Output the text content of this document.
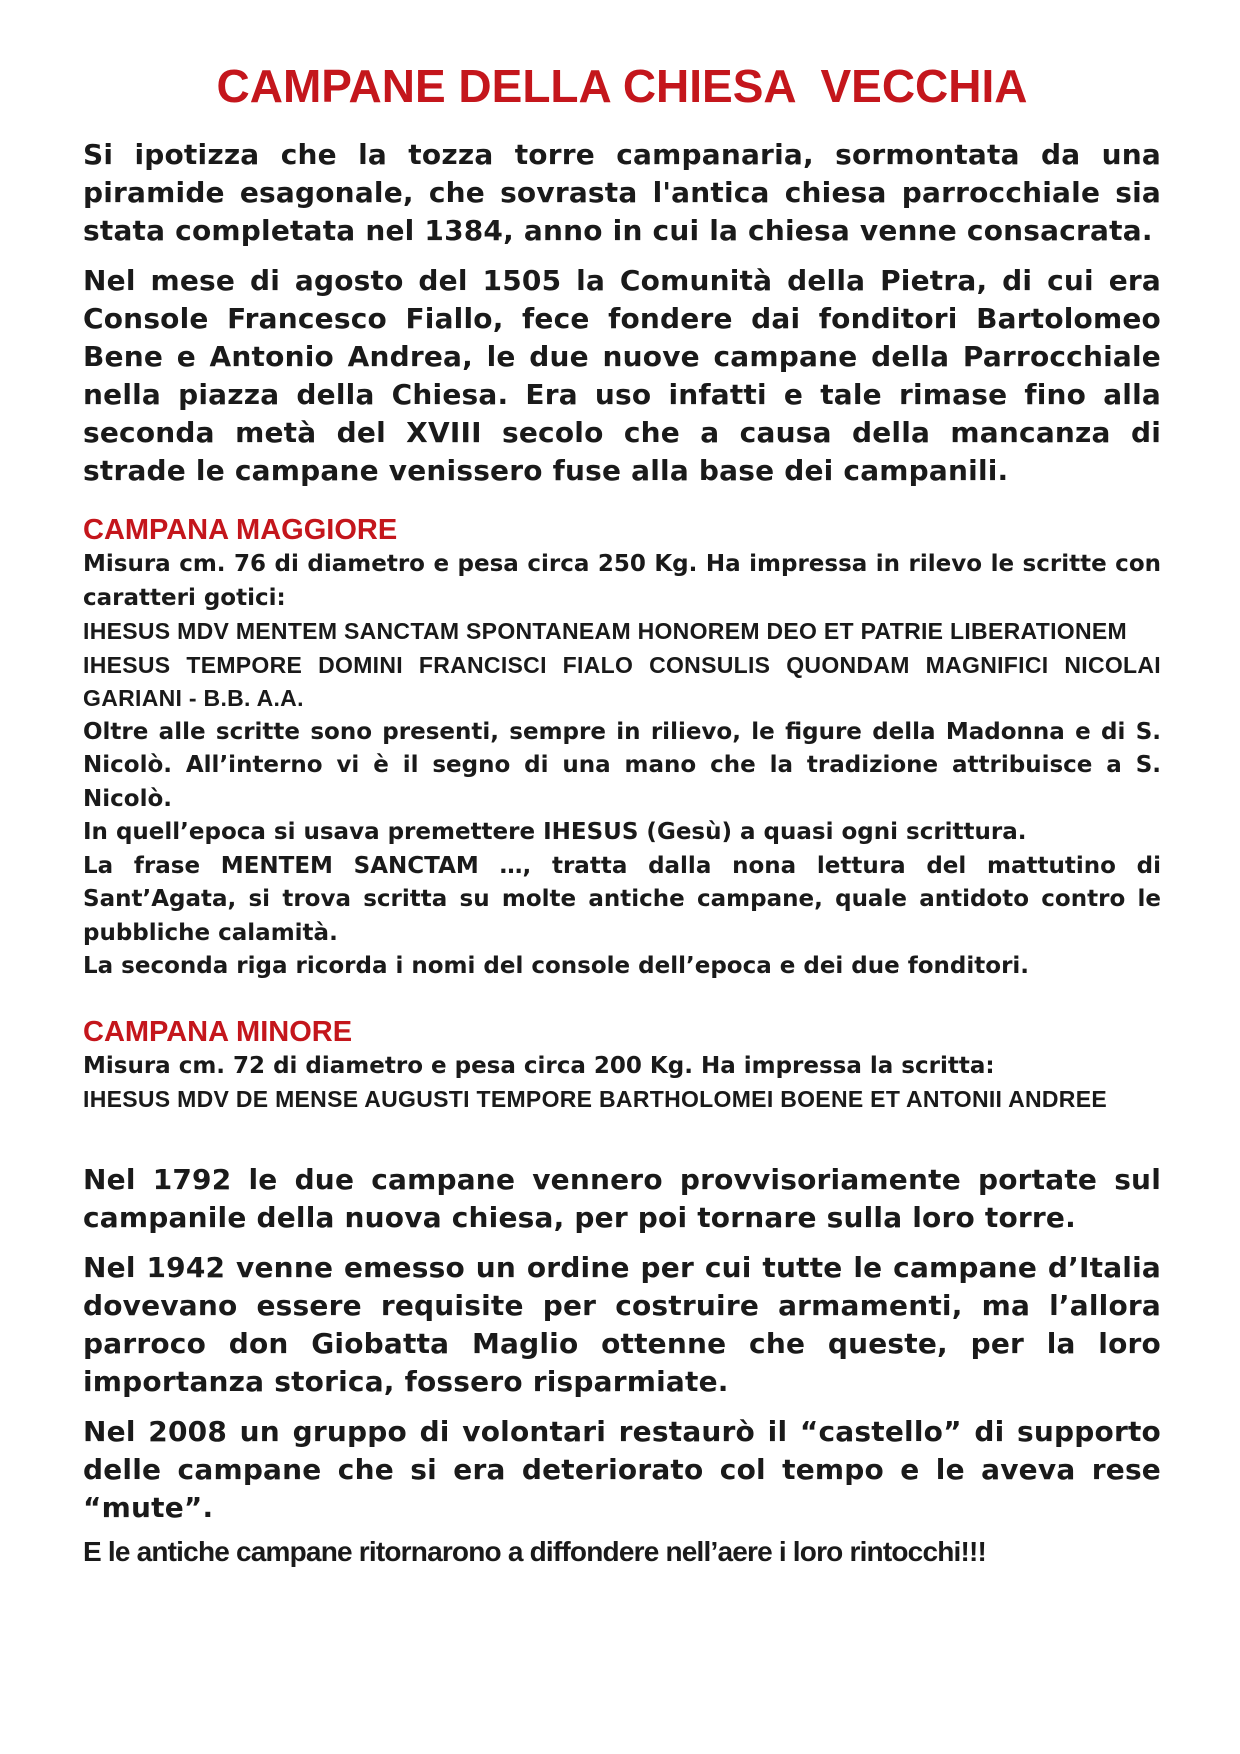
CAMPANE DELLA CHIESA  VECCHIA

Si ipotizza che la tozza torre campanaria, sormontata da una piramide esagonale, che sovrasta l'antica chiesa parrocchiale sia stata completata nel 1384, anno in cui la chiesa venne consacrata.

Nel mese di agosto del 1505 la Comunità della Pietra, di cui era Console Francesco Fiallo, fece fondere dai fonditori Bartolomeo Bene e Antonio Andrea, le due nuove campane della Parrocchiale nella piazza della Chiesa. Era uso infatti e tale rimase fino alla seconda metà del XVIII secolo che a causa della mancanza di strade le campane venissero fuse alla base dei campanili.

CAMPANA MAGGIORE

Misura cm. 76 di diametro e pesa circa 250 Kg. Ha impressa in rilevo le scritte con caratteri gotici:

IHESUS MDV MENTEM SANCTAM SPONTANEAM HONOREM DEO ET PATRIE LIBERATIONEM

IHESUS TEMPORE DOMINI FRANCISCI FIALO CONSULIS QUONDAM MAGNIFICI NICOLAI GARIANI - B.B. A.A.

Oltre alle scritte sono presenti, sempre in rilievo, le figure della Madonna e di S. Nicolò. All’interno vi è il segno di una mano che la tradizione attribuisce a S. Nicolò.

In quell’epoca si usava premettere IHESUS (Gesù) a quasi ogni scrittura.

La frase MENTEM SANCTAM …, tratta dalla nona lettura del mattutino di Sant’Agata, si trova scritta su molte antiche campane, quale antidoto contro le pubbliche calamità.

La seconda riga ricorda i nomi del console dell’epoca e dei due fonditori.

CAMPANA MINORE

Misura cm. 72 di diametro e pesa circa 200 Kg. Ha impressa la scritta:

IHESUS MDV DE MENSE AUGUSTI TEMPORE BARTHOLOMEI BOENE ET ANTONII ANDREE

Nel 1792 le due campane vennero provvisoriamente portate sul campanile della nuova chiesa, per poi tornare sulla loro torre.

Nel 1942 venne emesso un ordine per cui tutte le campane d’Italia dovevano essere requisite per costruire armamenti, ma l’allora parroco don Giobatta Maglio ottenne che queste, per la loro importanza storica, fossero risparmiate.

Nel 2008 un gruppo di volontari restaurò il “castello” di supporto delle campane che si era deteriorato col tempo e le aveva rese “mute”.

E le antiche campane ritornarono a diffondere nell’aere i loro rintocchi!!!
